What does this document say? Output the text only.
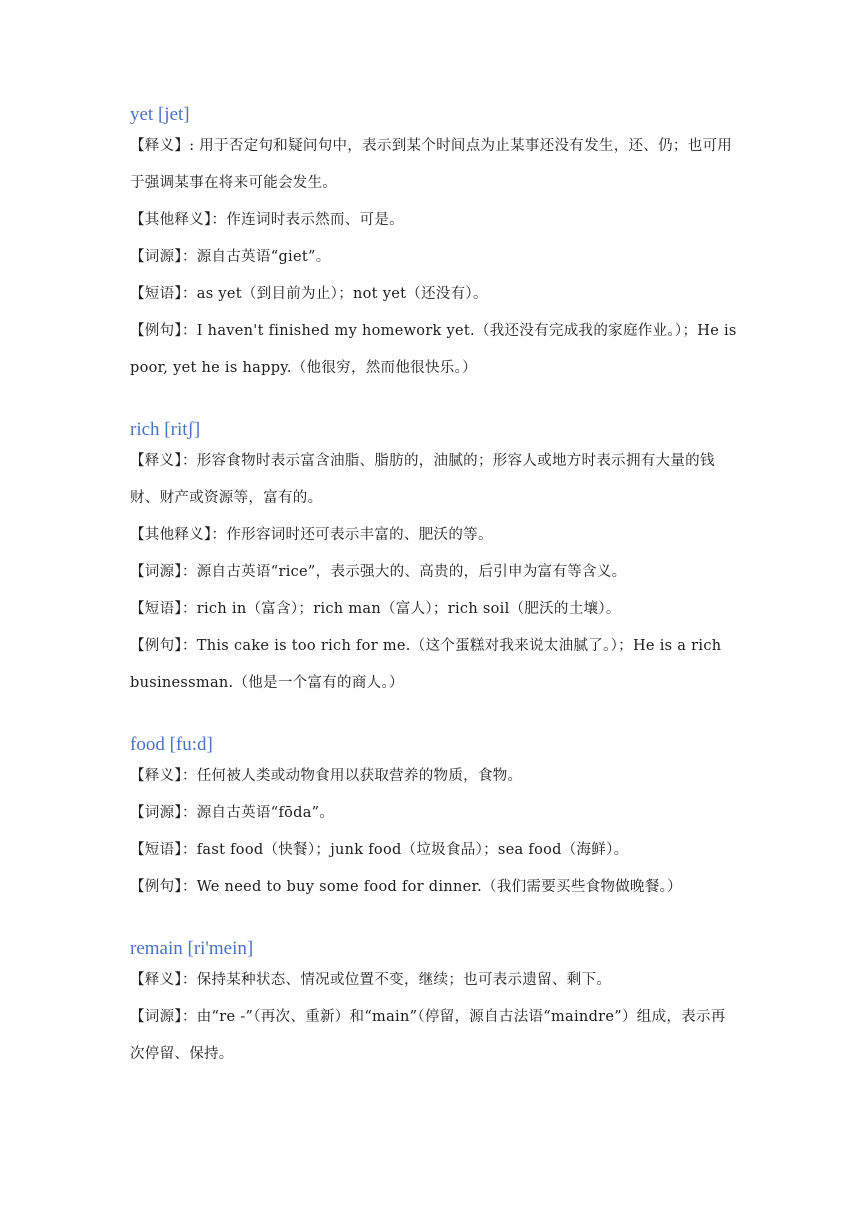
yet [jet]
【释义】: 用于否定句和疑问句中，表示到某个时间点为止某事还没有发生，还、仍；也可用于强调某事在将来可能会发生。
【其他释义】：作连词时表示然而、可是。
【词源】：源自古英语“giet”。
【短语】：as yet（到目前为止）；not yet（还没有）。
【例句】：I haven't finished my homework yet.（我还没有完成我的家庭作业。）；He is poor, yet he is happy.（他很穷，然而他很快乐。）
rich [ritʃ]
【释义】：形容食物时表示富含油脂、脂肪的，油腻的；形容人或地方时表示拥有大量的钱财、财产或资源等，富有的。
【其他释义】：作形容词时还可表示丰富的、肥沃的等。
【词源】：源自古英语“rice”，表示强大的、高贵的，后引申为富有等含义。
【短语】：rich in（富含）；rich man（富人）；rich soil（肥沃的土壤）。
【例句】：This cake is too rich for me.（这个蛋糕对我来说太油腻了。）；He is a rich businessman.（他是一个富有的商人。）
food [fu:d]
【释义】：任何被人类或动物食用以获取营养的物质，食物。
【词源】：源自古英语“fōda”。
【短语】：fast food（快餐）；junk food（垃圾食品）；sea food（海鲜）。
【例句】：We need to buy some food for dinner.（我们需要买些食物做晚餐。）
remain [ri'mein]
【释义】：保持某种状态、情况或位置不变，继续；也可表示遗留、剩下。
【词源】：由“re -”（再次、重新）和“main”（停留，源自古法语“maindre”）组成，表示再次停留、保持。
